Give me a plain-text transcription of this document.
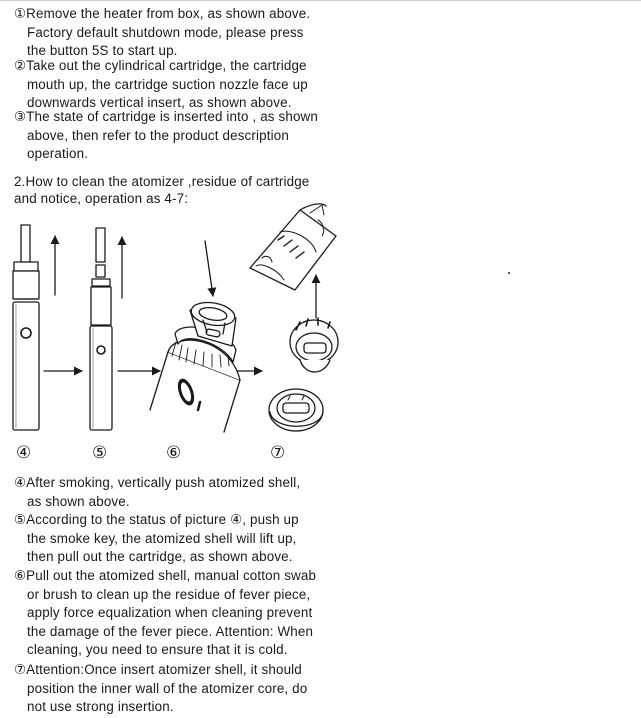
①Remove the heater from box, as shown above.
Factory default shutdown mode, please press
the button 5S to start up.
②Take out the cylindrical cartridge, the cartridge
mouth up, the cartridge suction nozzle face up
downwards vertical insert, as shown above.
③The state of cartridge is inserted into , as shown
above, then refer to the product description
operation.
2.How to clean the atomizer ,residue of cartridge
and notice, operation as 4-7:
④	⑤	⑥	⑦
④After smoking, vertically push atomized shell,
as shown above.
⑤According to the status of picture ④, push up
the smoke key, the atomized shell will lift up,
then pull out the cartridge, as shown above.
⑥Pull out the atomized shell, manual cotton swab
or brush to clean up the residue of fever piece,
apply force equalization when cleaning prevent
the damage of the fever piece. Attention: When
cleaning, you need to ensure that it is cold.
⑦Attention:Once insert atomizer shell, it should
position the inner wall of the atomizer core, do
not use strong insertion.
